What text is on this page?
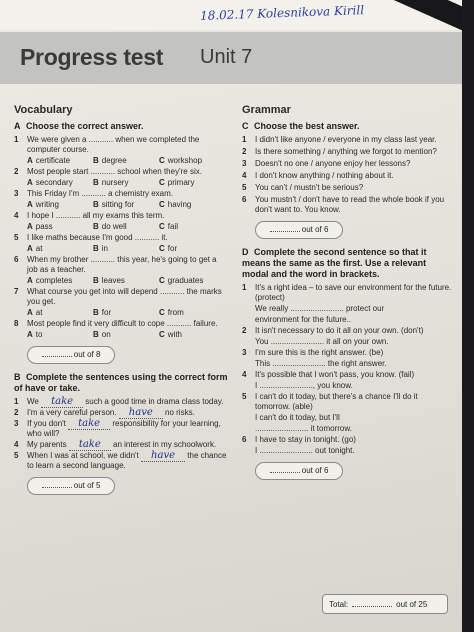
18.02.17 Kolesnikova Kirill
Progress test Unit 7
Vocabulary
A Choose the correct answer.
1 We were given a ........... when we completed the computer course.
A certificate	B degree	C workshop
2 Most people start ........... school when they're six.
A secondary	B nursery	C primary
3 This Friday I'm ........... a chemistry exam.
A writing	B sitting for	C having
4 I hope I ........... all my exams this term.
A pass	B do well	C fail
5 I like maths because I'm good ........... it.
A at	B in	C for
6 When my brother ........... this year, he's going to get a job as a teacher.
A completes	B leaves	C graduates
7 What course you get into will depend ........... the marks you get.
A at	B for	C from
8 Most people find it very difficult to cope ........... failure.
A to	B on	C with
out of 8
B Complete the sentences using the correct form of have or take.
1 We take such a good time in drama class today.
2 I'm a very careful person. have no risks.
3 If you don't take responsibility for your learning, who will?
4 My parents take an interest in my schoolwork.
5 When I was at school, we didn't have the chance to learn a second language.
out of 5
Grammar
C Choose the best answer.
1 I didn't like anyone / everyone in my class last year.
2 Is there something / anything we forgot to mention?
3 Doesn't no one / anyone enjoy her lessons?
4 I don't know anything / nothing about it.
5 You can't / mustn't be serious?
6 You mustn't / don't have to read the whole book if you don't want to. You know.
out of 6
D Complete the second sentence so that it means the same as the first. Use a relevant modal and the word in brackets.
1 It's a right idea – to save our environment for the future. (protect)
We really ........................ protect our
environment for the future..
2 It isn't necessary to do it all on your own. (don't)
You ........................ it all on your own.
3 I'm sure this is the right answer. (be)
This ........................ the right answer.
4 It's possible that I won't pass, you know. (fail)
I ........................, you know.
5 I can't do it today, but there's a chance I'll do it tomorrow. (able)
I can't do it today, but I'll
........................ it tomorrow.
6 I have to stay in tonight. (go)
I ........................ out tonight.
out of 6
Total:	out of 25
